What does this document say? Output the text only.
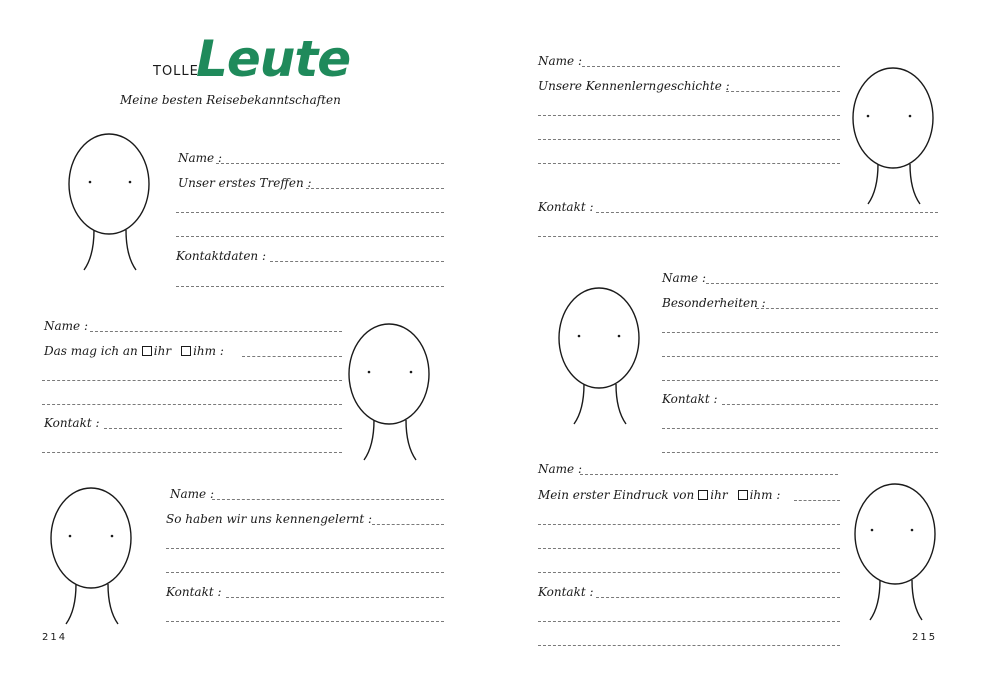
TOLLE
Leute
Meine besten Reisebekanntschaften
Name :
Unser erstes Treffen :
Kontaktdaten :
Name :
Das mag ich an ihr ihm :
Kontakt :
Name :
So haben wir uns kennengelernt :
Kontakt :
214
Name :
Unsere Kennenlerngeschichte :
Kontakt :
Name :
Besonderheiten :
Kontakt :
Name :
Mein erster Eindruck von ihr ihm :
Kontakt :
215
